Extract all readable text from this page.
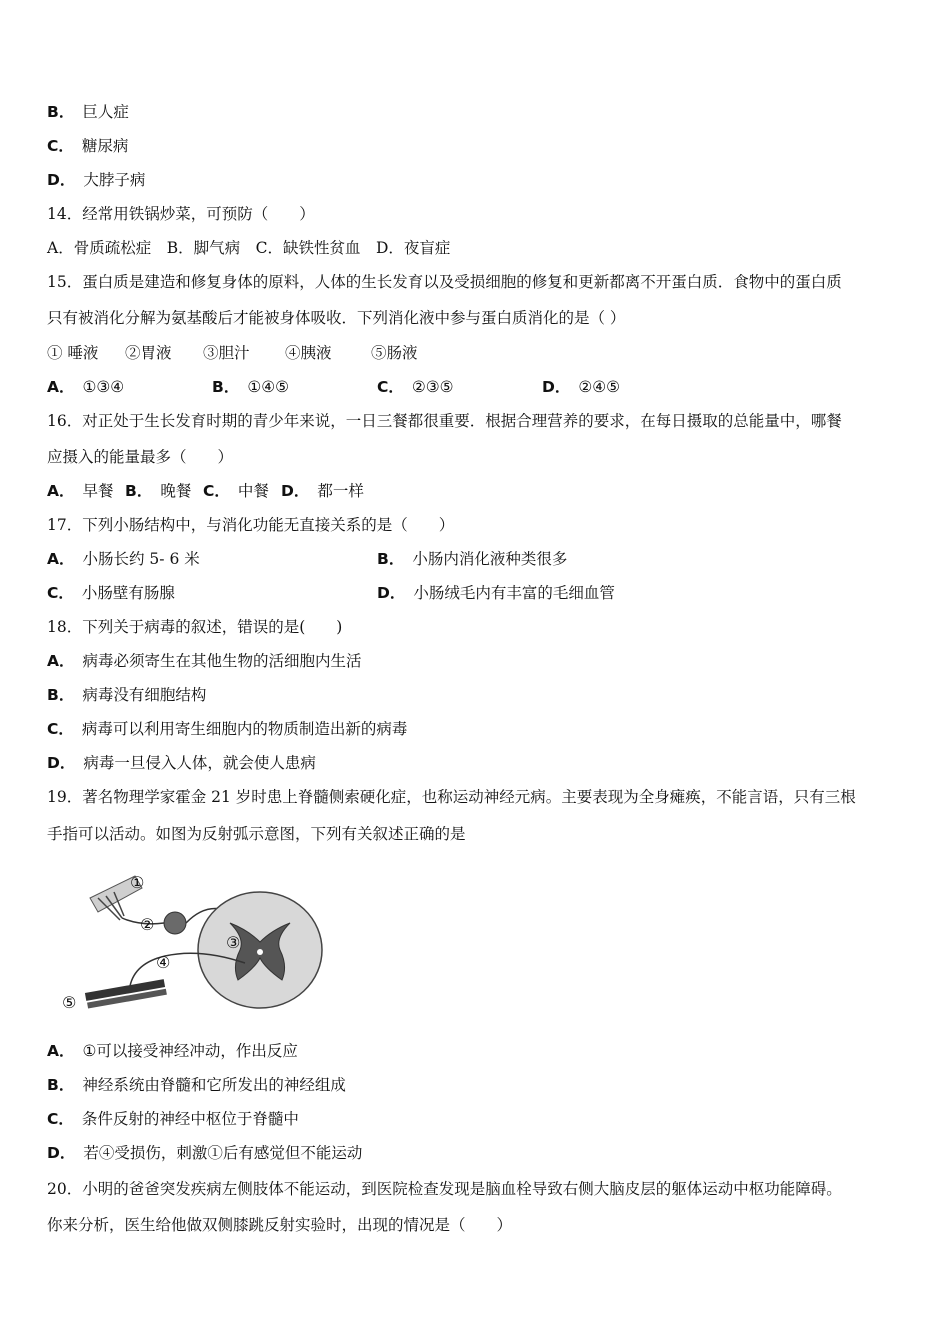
B． 巨人症
C． 糖尿病
D． 大脖子病
14．经常用铁锅炒菜，可预防（　　）
A．骨质疏松症　B．脚气病　C．缺铁性贫血　D．夜盲症
15．蛋白质是建造和修复身体的原料，人体的生长发育以及受损细胞的修复和更新都离不开蛋白质．食物中的蛋白质
只有被消化分解为氨基酸后才能被身体吸收．下列消化液中参与蛋白质消化的是（ ）
① 唾液 ②胃液 ③胆汁 ④胰液	⑤肠液
A． ①③④	B． ①④⑤	C． ②③⑤	D． ②④⑤
16．对正处于生长发育时期的青少年来说，一日三餐都很重要．根据合理营养的要求，在每日摄取的总能量中，哪餐
应摄入的能量最多（　　）
A． 早餐 B． 晚餐 C． 中餐 D． 都一样
17．下列小肠结构中，与消化功能无直接关系的是（　　）
A． 小肠长约 5- 6 米	B． 小肠内消化液种类很多
C． 小肠壁有肠腺	D． 小肠绒毛内有丰富的毛细血管
18．下列关于病毒的叙述，错误的是(　　)
A． 病毒必须寄生在其他生物的活细胞内生活
B． 病毒没有细胞结构
C． 病毒可以利用寄生细胞内的物质制造出新的病毒
D． 病毒一旦侵入人体，就会使人患病
19．著名物理学家霍金 21 岁时患上脊髓侧索硬化症，也称运动神经元病。主要表现为全身瘫痪，不能言语，只有三根
手指可以活动。如图为反射弧示意图，下列有关叙述正确的是
①
②
③
④
⑤
A． ①可以接受神经冲动，作出反应
B． 神经系统由脊髓和它所发出的神经组成
C． 条件反射的神经中枢位于脊髓中
D． 若④受损伤，刺激①后有感觉但不能运动
20．小明的爸爸突发疾病左侧肢体不能运动，到医院检查发现是脑血栓导致右侧大脑皮层的躯体运动中枢功能障碍。
你来分析，医生给他做双侧膝跳反射实验时，出现的情况是（　　）
